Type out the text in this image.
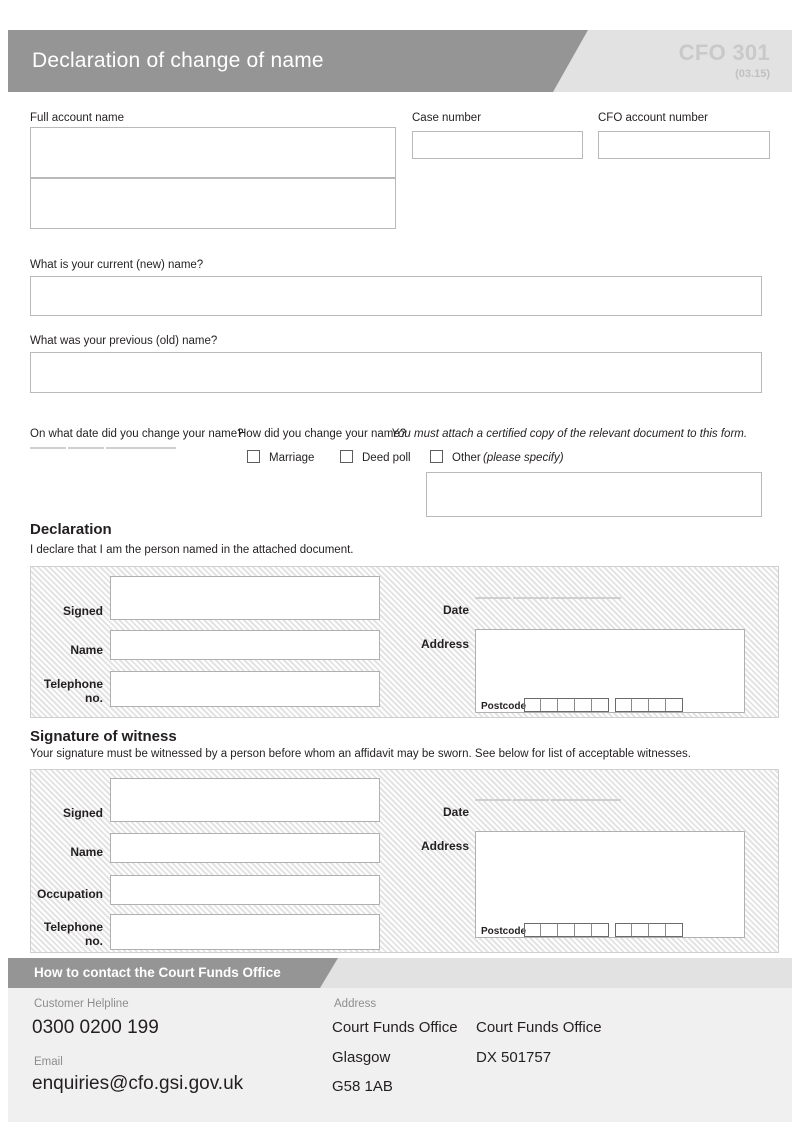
Declaration of change of name	CFO 301
(03.15)
Full account name	Case number	CFO account number
What is your current (new) name?
What was your previous (old) name?
On what date did you change your name?
How did you change your name?
You must attach a certified copy of the relevant document to this form.
Marriage	Deed poll	Other (please specify)
Declaration
I declare that I am the person named in the attached document.
Signed
Name
Telephone no.
Date
Address
Postcode
Signature of witness
Your signature must be witnessed by a person before whom an affidavit may be sworn. See below for list of acceptable witnesses.
Signed
Name
Occupation
Telephone no.
Date
Address
Postcode
How to contact the Court Funds Office
Customer Helpline
0300 0200 199
Email
enquiries@cfo.gsi.gov.uk
Address
Court Funds Office
Glasgow
G58 1AB
Court Funds Office
DX 501757
